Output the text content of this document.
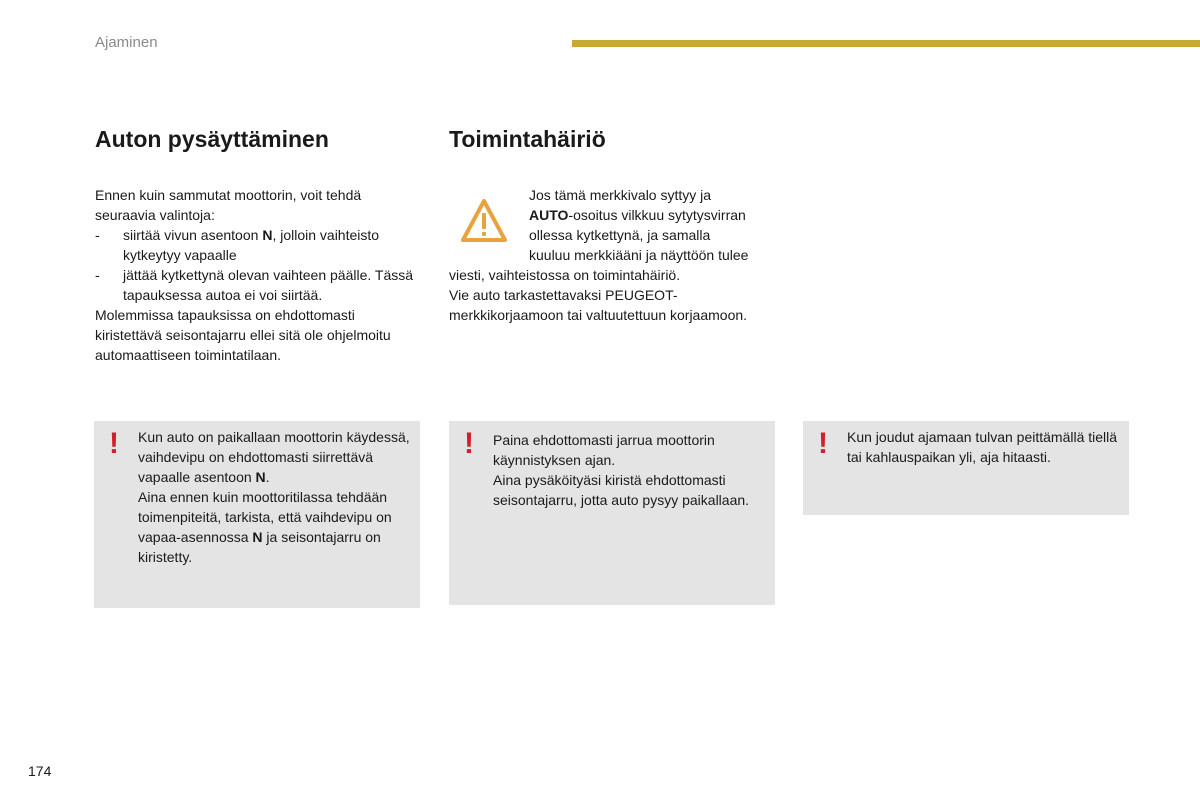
Ajaminen
Auton pysäyttäminen

Ennen kuin sammutat moottorin, voit tehdä seuraavia valintoja:

- siirtää vivun asentoon N, jolloin vaihteisto kytkeytyy vapaalle
- jättää kytkettynä olevan vaihteen päälle. Tässä tapauksessa autoa ei voi siirtää.

Molemmissa tapauksissa on ehdottomasti kiristettävä seisontajarru ellei sitä ole ohjelmoitu automaattiseen toimintatilaan.

Toimintahäiriö

Jos tämä merkkivalo syttyy ja

AUTO-osoitus vilkkuu sytytysvirran

ollessa kytkettynä, ja samalla

kuuluu merkkiääni ja näyttöön tulee

viesti, vaihteistossa on toimintahäiriö.

Vie auto tarkastettavaksi PEUGEOT-merkkikorjaamoon tai valtuutettuun korjaamoon.

! Kun auto on paikallaan moottorin käydessä, vaihdevipu on ehdottomasti siirrettävä vapaalle asentoon N.

Aina ennen kuin moottoritilassa tehdään toimenpiteitä, tarkista, että vaihdevipu on vapaa-asennossa N ja seisontajarru on kiristetty.

! Paina ehdottomasti jarrua moottorin käynnistyksen ajan.

Aina pysäköityäsi kiristä ehdottomasti seisontajarru, jotta auto pysyy paikallaan.

! Kun joudut ajamaan tulvan peittämällä tiellä tai kahlauspaikan yli, aja hitaasti.

174
